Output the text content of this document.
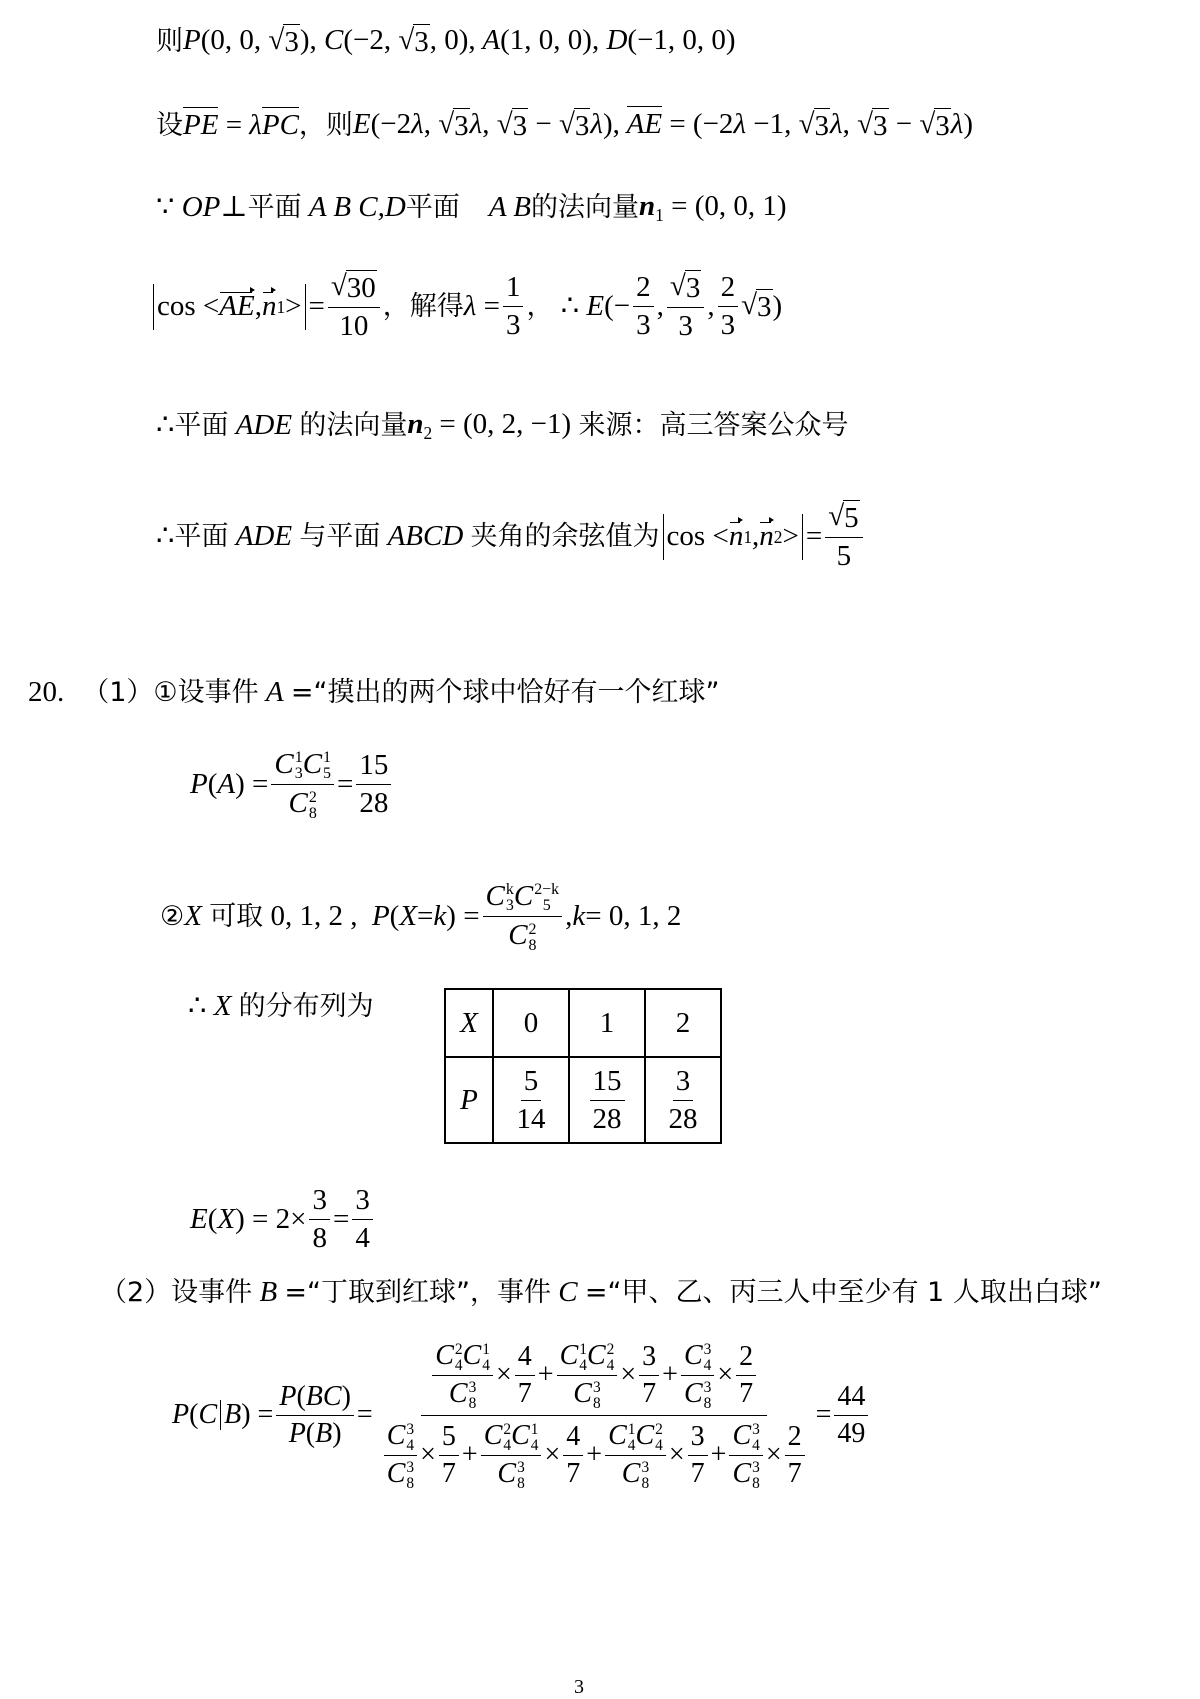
则 P(0, 0, √ 3 ), C(−2, √ 3 , 0), A(1, 0, 0), D(−1, 0, 0)
设 PE = λPC ，则 E(−2λ, √ 3 λ, √ 3 − √ 3 λ), AE = (−2λ −1, √ 3 λ, √ 3 − √ 3 λ)
∵ OP⊥ 平面 A B C,D 平面 A B 的法向量 $n_1 = (0$, 0, 1)
cos < AE , n 1 > = $\frac{√ 30}{10}$ ，解得 $\lambda = \frac{1}{3}$ ， ∴ E (− $\frac{2}{3}$ , $\frac{√ 3}{3}$ , $\frac{2}{3}$ √ 3 )
∴ 平面 ADE 的法向量 $n_2 = (0$, 2, −1) 来源：高三答案公众号
∴ 平面 ADE 与平面 ABCD 夹角的余弦值为 cos < n 1 , n 2 > = $\frac{√ 5}{5}$
20. （1）①设事件 A =“摸出的两个球中恰好有一个红球”
P ( A ) = C 1
3 C 1
5
C 2
$8 = \frac{15}{28}$
② X 可取 0, 1, 2 , P ( X = k ) = C k
3 C 2−k
5
C 2
8 , k = 0, 1, 2
∴ X 的分布列为	X	0	1	2
P	$\frac{5}{14}$	$\frac{15}{28}$	$\frac{3}{28}$
E ( X ) = $2\times \frac{3}{8} = \frac{3}{4}$
（2）设事件 B =“丁取到红球”，事件 C =“甲、乙、丙三人中至少有 1 人取出白球”
P ( C B ) = $\frac{P(BC)}{P(B)}$ =
C 2
4 C 1
4
C 3
$8 \times \frac{4}{7} + C$ 1
4 C 2
4
C 3
$8 \times \frac{3}{7} + C$ 3
4
C 3
$8 \times \frac{2}{7}$
C 3
4
C 3
$8 \times \frac{5}{7} + C$ 2
4 C 1
4
C 3
$8 \times \frac{4}{7} + C$ 1
4 C 2
4
C 3
$8 \times \frac{3}{7} + C$ 3
4
C 3
$8 \times \frac{2}{7}$
= $\frac{44}{49}$
3
